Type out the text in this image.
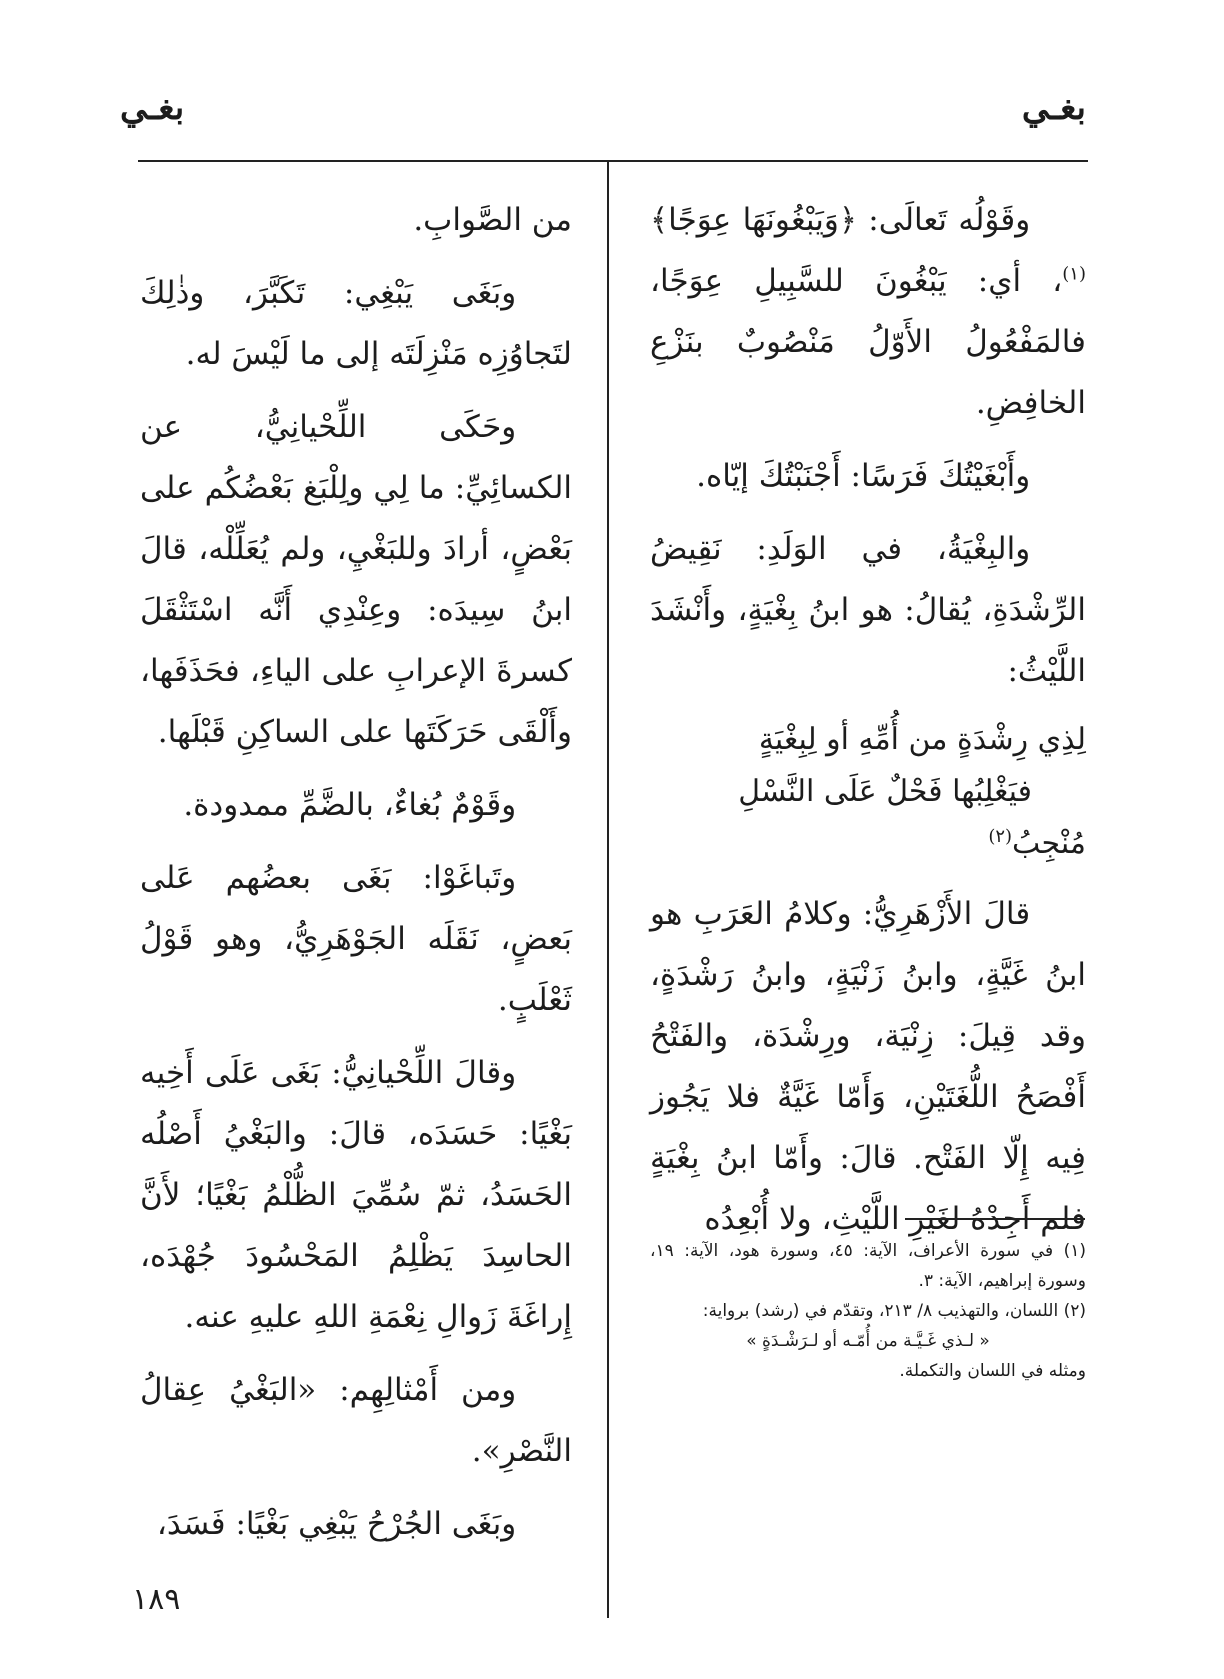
بغـي
بغـي

وقَوْلُه تَعالَى: ﴿وَيَبْغُونَهَا عِوَجًا﴾$^{(١)}$، أي: يَبْغُونَ للسَّبِيلِ عِوَجًا، فالمَفْعُولُ الأَوّلُ مَنْصُوبٌ بنَزْعِ الخافِضِ.

وأَبْغَيْتُكَ فَرَسًا: أَجْنَبْتُكَ إيّاه.

والبِغْيَةُ، في الوَلَدِ: نَقِيضُ الرِّشْدَةِ، يُقالُ: هو ابنُ بِغْيَةٍ، وأَنْشَدَ اللَّيْثُ:

لِذِي رِشْدَةٍ من أُمِّهِ أو لِبِغْيَةٍ
فيَغْلِبُها فَحْلٌ عَلَى النَّسْلِ مُنْجِبُ$^{(٢)}$

قالَ الأَزْهَرِيُّ: وكلامُ العَرَبِ هو ابنُ غَيَّةٍ، وابنُ زَنْيَةٍ، وابنُ رَشْدَةٍ، وقد قِيلَ: زِنْيَة، ورِشْدَة، والفَتْحُ أَفْصَحُ اللُّغَتَيْنِ، وَأَمّا غَيَّةٌ فلا يَجُوز فِيه إِلّا الفَتْح. قالَ: وأَمّا ابنُ بِغْيَةٍ فلم أَجِدْهُ لغَيْرِ اللَّيْثِ، ولا أُبْعِدُه

(١) في سورة الأعراف، الآية: ٤٥، وسورة هود، الآية: ١٩، وسورة إبراهيم، الآية: ٣.

(٢) اللسان، والتهذيب ٨/ ٢١٣، وتقدّم في (رشد) برواية:

« لـذي غَـيَّـة من أُمّـه أو لـرَشْـدَةٍ »

ومثله في اللسان والتكملة.

من الصَّوابِ.

وبَغَى يَبْغِي: تَكَبَّرَ، وذٰلِكَ لتَجاوُزِه مَنْزِلَتَه إلى ما لَيْسَ له.

وحَكَى اللِّحْيانِيُّ، عن الكسائِيِّ: ما لِي ولِلْبَغ بَعْضُكُم على بَعْضٍ، أرادَ وللبَغْيِ، ولم يُعَلِّلْه، قالَ ابنُ سِيدَه: وعِنْدِي أَنَّه اسْتَثْقَلَ كسرةَ الإعرابِ على الياءِ، فحَذَفَها، وأَلْقَى حَرَكَتَها على الساكِنِ قَبْلَها.

وقَوْمٌ بُغاءٌ، بالضَّمِّ ممدودة.

وتَباغَوْا: بَغَى بعضُهم عَلى بَعضٍ، نَقَلَه الجَوْهَرِيُّ، وهو قَوْلُ ثَعْلَبٍ.

وقالَ اللِّحْيانِيُّ: بَغَى عَلَى أَخِيه بَغْيًا: حَسَدَه، قالَ: والبَغْيُ أَصْلُه الحَسَدُ، ثمّ سُمِّيَ الظُّلْمُ بَغْيًا؛ لأَنَّ الحاسِدَ يَظْلِمُ المَحْسُودَ جُهْدَه، إِراغَةَ زَوالِ نِعْمَةِ اللهِ عليهِ عنه.

ومن أَمْثالِهِم: «البَغْيُ عِقالُ النَّصْرِ».

وبَغَى الجُرْحُ يَبْغِي بَغْيًا: فَسَدَ،

١٨٩
